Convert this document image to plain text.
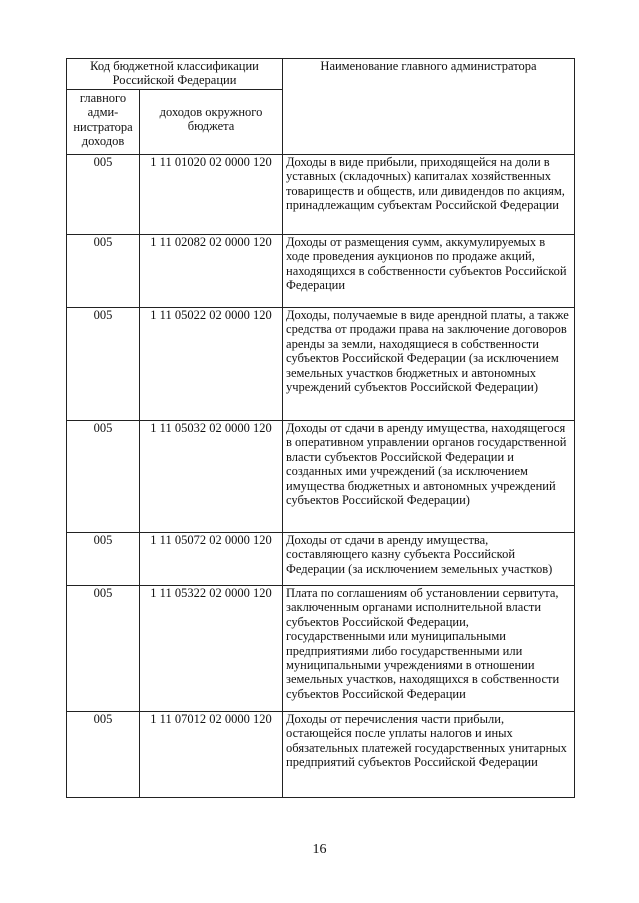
Код бюджетной классификации Российской Федерации		Наименование главного администратора
главного адми-нистратора доходов	доходов окружного бюджета	
005	1 11 01020 02 0000 120	Доходы в виде прибыли, приходящейся на доли в уставных (складочных) капиталах хозяйственных товариществ и обществ, или дивидендов по акциям, принадлежащим субъектам Российской Федерации
005	1 11 02082 02 0000 120	Доходы от размещения сумм, аккумулируемых в ходе проведения аукционов по продаже акций, находящихся в собственности субъектов Российской Федерации
005	1 11 05022 02 0000 120	Доходы, получаемые в виде арендной платы, а также средства от продажи права на заключение договоров аренды за земли, находящиеся в собственности субъектов Российской Федерации (за исключением земельных участков бюджетных и автономных учреждений субъектов Российской Федерации)
005	1 11 05032 02 0000 120	Доходы от сдачи в аренду имущества, находящегося в оперативном управлении органов государственной власти субъектов Российской Федерации и созданных ими учреждений (за исключением имущества бюджетных и автономных учреждений субъектов Российской Федерации)
005	1 11 05072 02 0000 120	Доходы от сдачи в аренду имущества, составляющего казну субъекта Российской Федерации (за исключением земельных участков)
005	1 11 05322 02 0000 120	Плата по соглашениям об установлении сервитута, заключенным органами исполнительной власти субъектов Российской Федерации, государственными или муниципальными предприятиями либо государственными или муниципальными учреждениями в отношении земельных участков, находящихся в собственности субъектов Российской Федерации
005	1 11 07012 02 0000 120	Доходы от перечисления части прибыли, остающейся после уплаты налогов и иных обязательных платежей государственных унитарных предприятий субъектов Российской Федерации
16
